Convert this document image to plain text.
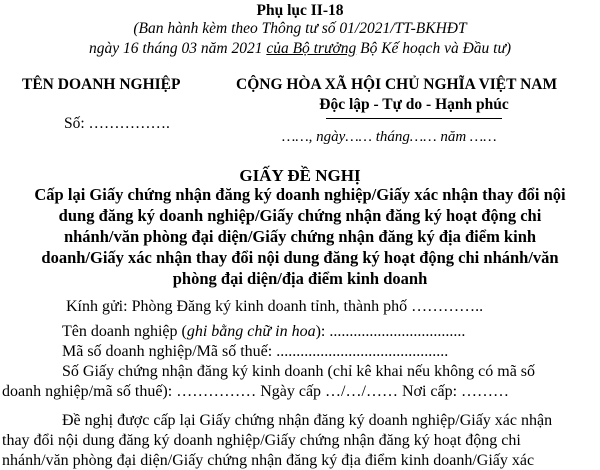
Phụ lục II-18
(Ban hành kèm theo Thông tư số 01/2021/TT-BKHĐT
ngày 16 tháng 03 năm 2021 của Bộ trưởng Bộ Kế hoạch và Đầu tư)
TÊN DOANH NGHIỆP
Số: …………….
CỘNG HÒA XÃ HỘI CHỦ NGHĨA VIỆT NAM
Độc lập - Tự do - Hạnh phúc
……, ngày…… tháng…… năm ……
GIẤY ĐỀ NGHỊ
Cấp lại Giấy chứng nhận đăng ký doanh nghiệp/Giấy xác nhận thay đổi nội
dung đăng ký doanh nghiệp/Giấy chứng nhận đăng ký hoạt động chi
nhánh/văn phòng đại diện/Giấy chứng nhận đăng ký địa điểm kinh
doanh/Giấy xác nhận thay đổi nội dung đăng ký hoạt động chi nhánh/văn
phòng đại diện/địa điểm kinh doanh
Kính gửi: Phòng Đăng ký kinh doanh tỉnh, thành phố …………..
Tên doanh nghiệp (ghi bằng chữ in hoa): ..................................
Mã số doanh nghiệp/Mã số thuế: ...........................................
Số Giấy chứng nhận đăng ký kinh doanh (chỉ kê khai nếu không có mã số
doanh nghiệp/mã số thuế): …………… Ngày cấp …/…/…… Nơi cấp: ………
Đề nghị được cấp lại Giấy chứng nhận đăng ký doanh nghiệp/Giấy xác nhận
thay đổi nội dung đăng ký doanh nghiệp/Giấy chứng nhận đăng ký hoạt động chi
nhánh/văn phòng đại diện/Giấy chứng nhận đăng ký địa điểm kinh doanh/Giấy xác
